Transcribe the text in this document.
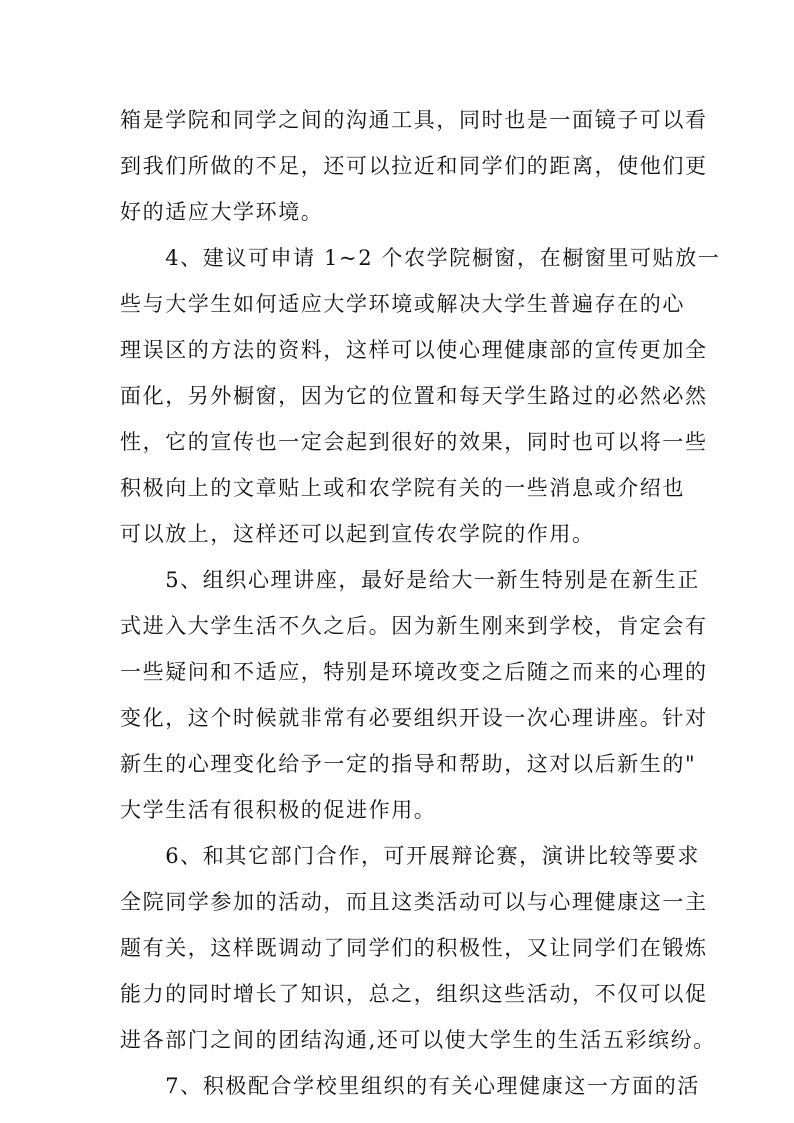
箱是学院和同学之间的沟通工具，同时也是一面镜子可以看
到我们所做的不足，还可以拉近和同学们的距离，使他们更
好的适应大学环境。
　　4、建议可申请 1~2 个农学院橱窗，在橱窗里可贴放一
些与大学生如何适应大学环境或解决大学生普遍存在的心
理误区的方法的资料，这样可以使心理健康部的宣传更加全
面化，另外橱窗，因为它的位置和每天学生路过的必然必然
性，它的宣传也一定会起到很好的效果，同时也可以将一些
积极向上的文章贴上或和农学院有关的一些消息或介绍也
可以放上，这样还可以起到宣传农学院的作用。
　　5、组织心理讲座，最好是给大一新生特别是在新生正
式进入大学生活不久之后。因为新生刚来到学校，肯定会有
一些疑问和不适应，特别是环境改变之后随之而来的心理的
变化，这个时候就非常有必要组织开设一次心理讲座。针对
新生的心理变化给予一定的指导和帮助，这对以后新生的"
大学生活有很积极的促进作用。
　　6、和其它部门合作，可开展辩论赛，演讲比较等要求
全院同学参加的活动，而且这类活动可以与心理健康这一主
题有关，这样既调动了同学们的积极性，又让同学们在锻炼
能力的同时增长了知识，总之，组织这些活动，不仅可以促
进各部门之间的团结沟通,还可以使大学生的生活五彩缤纷。
　　7、积极配合学校里组织的有关心理健康这一方面的活
